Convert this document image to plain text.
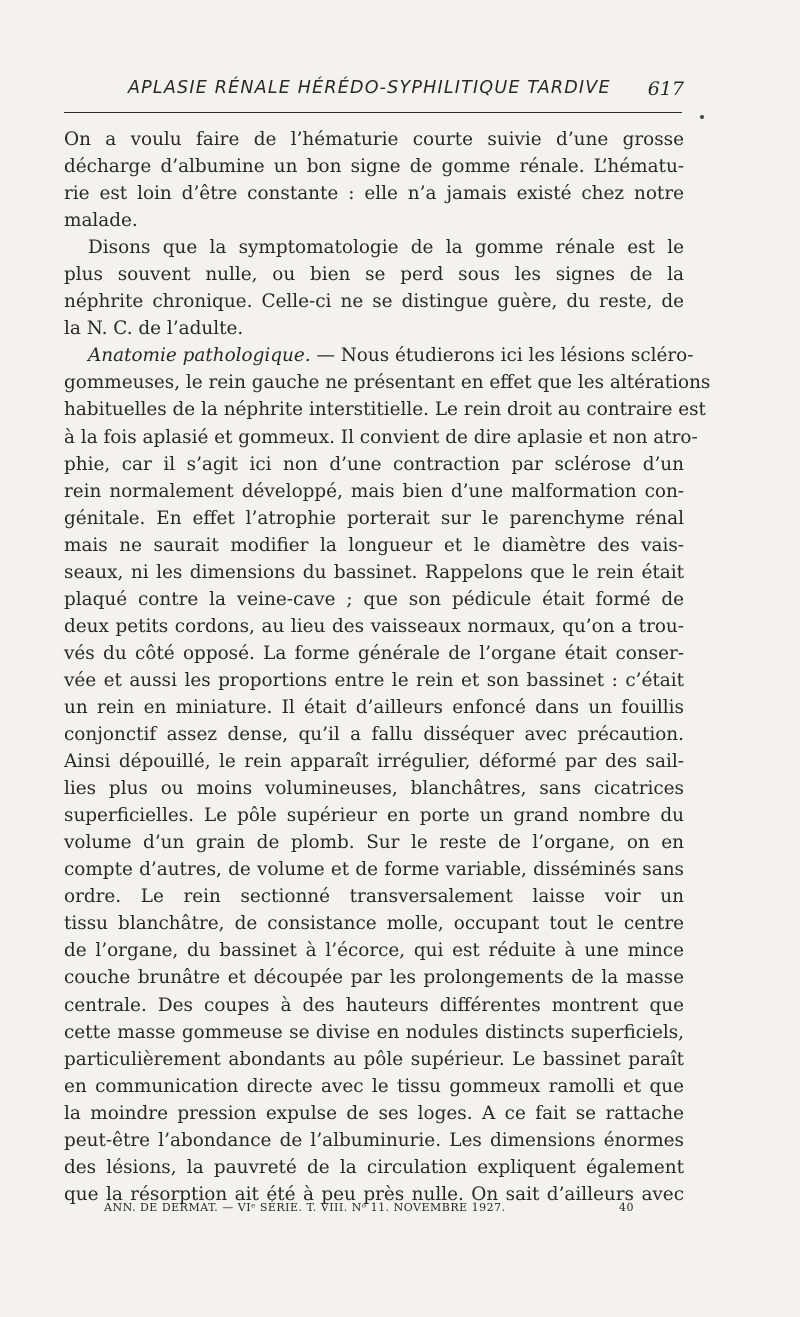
APLASIE RÉNALE HÉRÉDO-SYPHILITIQUE TARDIVE 617
On a voulu faire de l’hématurie courte suivie d’une grosse
décharge d’albumine un bon signe de gomme rénale. L’hématu-
rie est loin d’être constante : elle n’a jamais existé chez notre
malade.
Disons que la symptomatologie de la gomme rénale est le
plus souvent nulle, ou bien se perd sous les signes de la
néphrite chronique. Celle-ci ne se distingue guère, du reste, de
la N. C. de l’adulte.
Anatomie pathologique. — Nous étudierons ici les lésions scléro-
gommeuses, le rein gauche ne présentant en effet que les altérations
habituelles de la néphrite interstitielle. Le rein droit au contraire est
à la fois aplasié et gommeux. Il convient de dire aplasie et non atro-
phie, car il s’agit ici non d’une contraction par sclérose d’un
rein normalement développé, mais bien d’une malformation con-
génitale. En effet l’atrophie porterait sur le parenchyme rénal
mais ne saurait modifier la longueur et le diamètre des vais-
seaux, ni les dimensions du bassinet. Rappelons que le rein était
plaqué contre la veine-cave ; que son pédicule était formé de
deux petits cordons, au lieu des vaisseaux normaux, qu’on a trou-
vés du côté opposé. La forme générale de l’organe était conser-
vée et aussi les proportions entre le rein et son bassinet : c’était
un rein en miniature. Il était d’ailleurs enfoncé dans un fouillis
conjonctif assez dense, qu’il a fallu disséquer avec précaution.
Ainsi dépouillé, le rein apparaît irrégulier, déformé par des sail-
lies plus ou moins volumineuses, blanchâtres, sans cicatrices
superficielles. Le pôle supérieur en porte un grand nombre du
volume d’un grain de plomb. Sur le reste de l’organe, on en
compte d’autres, de volume et de forme variable, disséminés sans
ordre. Le rein sectionné transversalement laisse voir un
tissu blanchâtre, de consistance molle, occupant tout le centre
de l’organe, du bassinet à l’écorce, qui est réduite à une mince
couche brunâtre et découpée par les prolongements de la masse
centrale. Des coupes à des hauteurs différentes montrent que
cette masse gommeuse se divise en nodules distincts superficiels,
particulièrement abondants au pôle supérieur. Le bassinet paraît
en communication directe avec le tissu gommeux ramolli et que
la moindre pression expulse de ses loges. A ce fait se rattache
peut-être l’abondance de l’albuminurie. Les dimensions énormes
des lésions, la pauvreté de la circulation expliquent également
que la résorption ait été à peu près nulle. On sait d’ailleurs avec
ANN. DE DERMAT. — VIᵉ SÉRIE. T. VIII. Nᵒ 11. NOVEMBRE 1927.	40
